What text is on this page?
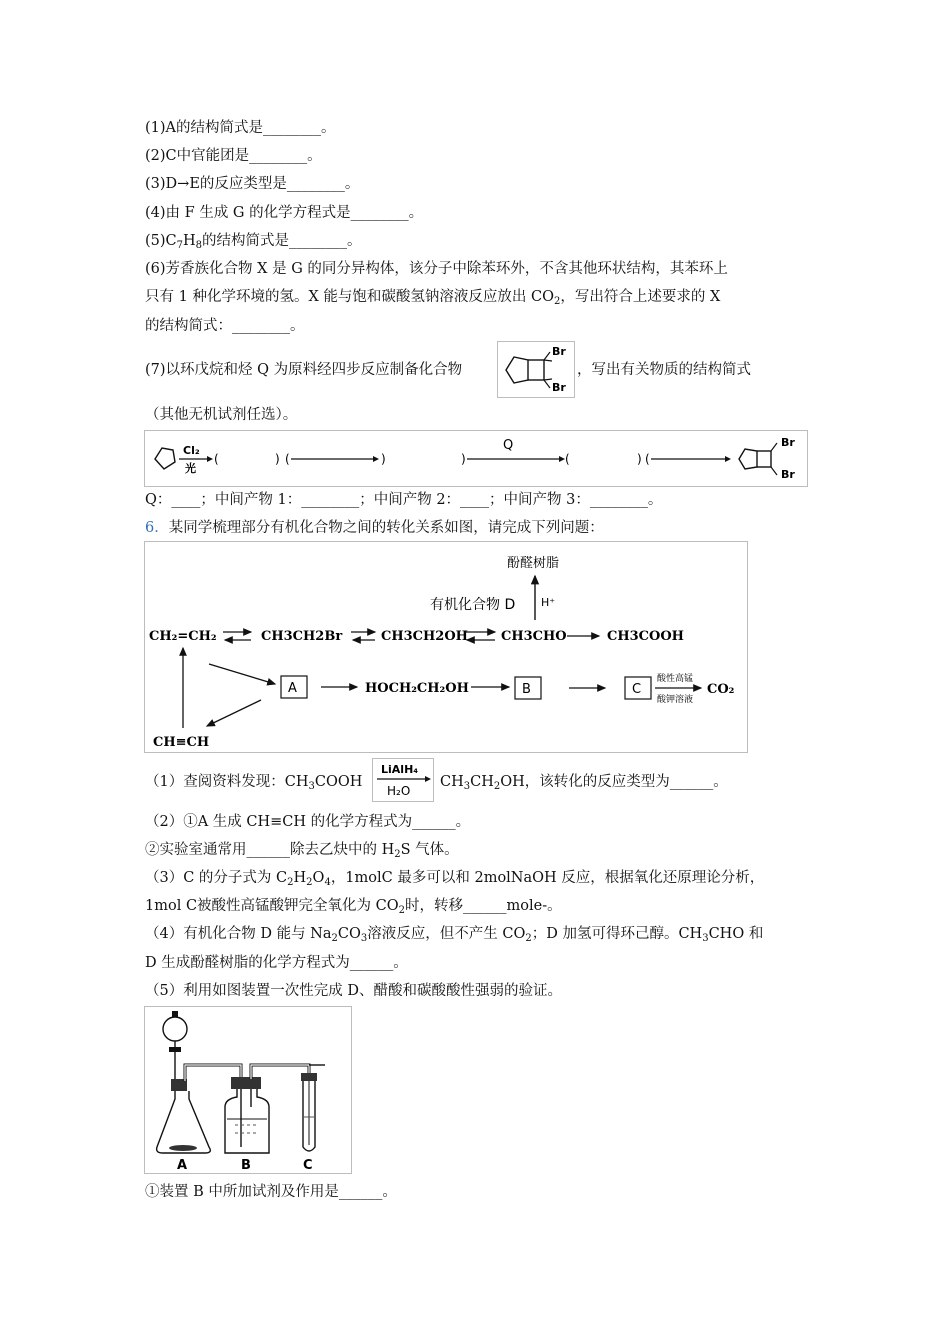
(1)A的结构简式是________。
(2)C中官能团是________。
(3)D→E的反应类型是________。
(4)由 F 生成 G 的化学方程式是________。
$(5)C_7H_8$的结构简式是________。
(6)芳香族化合物 X 是 G 的同分异构体，该分子中除苯环外，不含其他环状结构，其苯环上
只有 1 种化学环境的氢。X 能与饱和碳酸氢钠溶液反应放出 $CO_2$，写出符合上述要求的 X
的结构简式：________。
(7)以环戊烷和烃 Q 为原料经四步反应制备化合物
Br
Br
，写出有关物质的结构简式
（其他无机试剂任选）。
Cl₂
光
(	) (	)	)
Q
(	) (
Br
Br
Q：____；中间产物 1：________；中间产物 2：____；中间产物 3：________。
6．某同学梳理部分有机化合物之间的转化关系如图，请完成下列问题：
酚醛树脂
有机化合物 D H⁺
CH₂=CH₂	CH3CH2Br	CH3CH2OH	CH3CHO	CH3COOH
A	HOCH₂CH₂OH	B	C
酸性高锰
酸钾溶液
CO₂
CH≡CH
（1）查阅资料发现：$CH_3COOH$
LiAlH₄
H₂O
$CH_3CH_2OH$，该转化的反应类型为______。
（2）①A 生成 CH≡CH 的化学方程式为______。
②实验室通常用______除去乙炔中的 $H_2S$ 气体。
（3）C 的分子式为 $C_2H_2O_4$，1molC 最多可以和 2molNaOH 反应，根据氧化还原理论分析，
1mol C被酸性高锰酸钾完全氧化为 $CO_2$时，转移______mole-。
（4）有机化合物 D 能与 $Na_2CO_3$溶液反应，但不产生 $CO_2$；D 加氢可得环己醇。$CH_3CHO$ 和
D 生成酚醛树脂的化学方程式为______。
（5）利用如图装置一次性完成 D、醋酸和碳酸酸性强弱的验证。
A	B	C
①装置 B 中所加试剂及作用是______。
